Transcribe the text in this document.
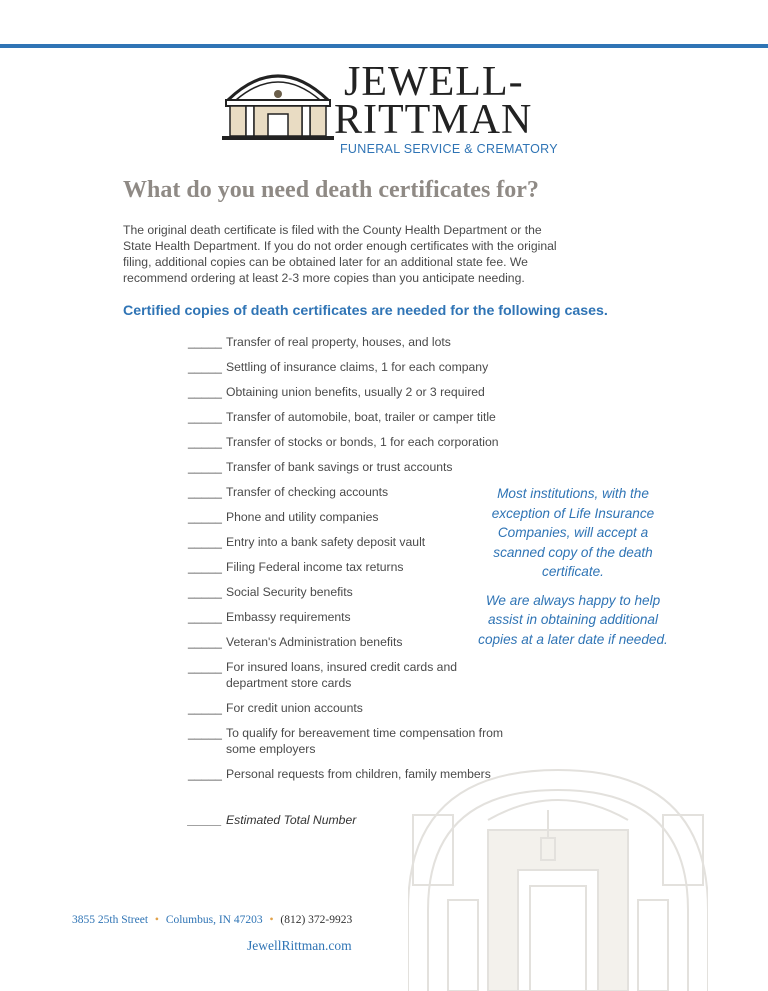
JEWELL-
RITTMAN
FUNERAL SERVICE & CREMATORY
What do you need death certificates for?

The original death certificate is filed with the County Health Department or the State Health Department. If you do not order enough certificates with the original filing, additional copies can be obtained later for an additional state fee. We recommend ordering at least 2-3 more copies than you anticipate needing.

Certified copies of death certificates are needed for the following cases.
_____ Transfer of real property, houses, and lots
_____ Settling of insurance claims, 1 for each company
_____ Obtaining union benefits, usually 2 or 3 required
_____ Transfer of automobile, boat, trailer or camper title
_____ Transfer of stocks or bonds, 1 for each corporation
_____ Transfer of bank savings or trust accounts
_____ Transfer of checking accounts
_____ Phone and utility companies
_____ Entry into a bank safety deposit vault
_____ Filing Federal income tax returns
_____ Social Security benefits
_____ Embassy requirements
_____ Veteran's Administration benefits
_____ For insured loans, insured credit cards and department store cards
_____ For credit union accounts
_____ To qualify for bereavement time compensation from some employers
_____ Personal requests from children, family members
_____ Estimated Total Number

Most institutions, with the exception of Life Insurance Companies, will accept a scanned copy of the death certificate.

We are always happy to help assist in obtaining additional copies at a later date if needed.

3855 25th Street • Columbus, IN 47203 • (812) 372-9923
JewellRittman.com
